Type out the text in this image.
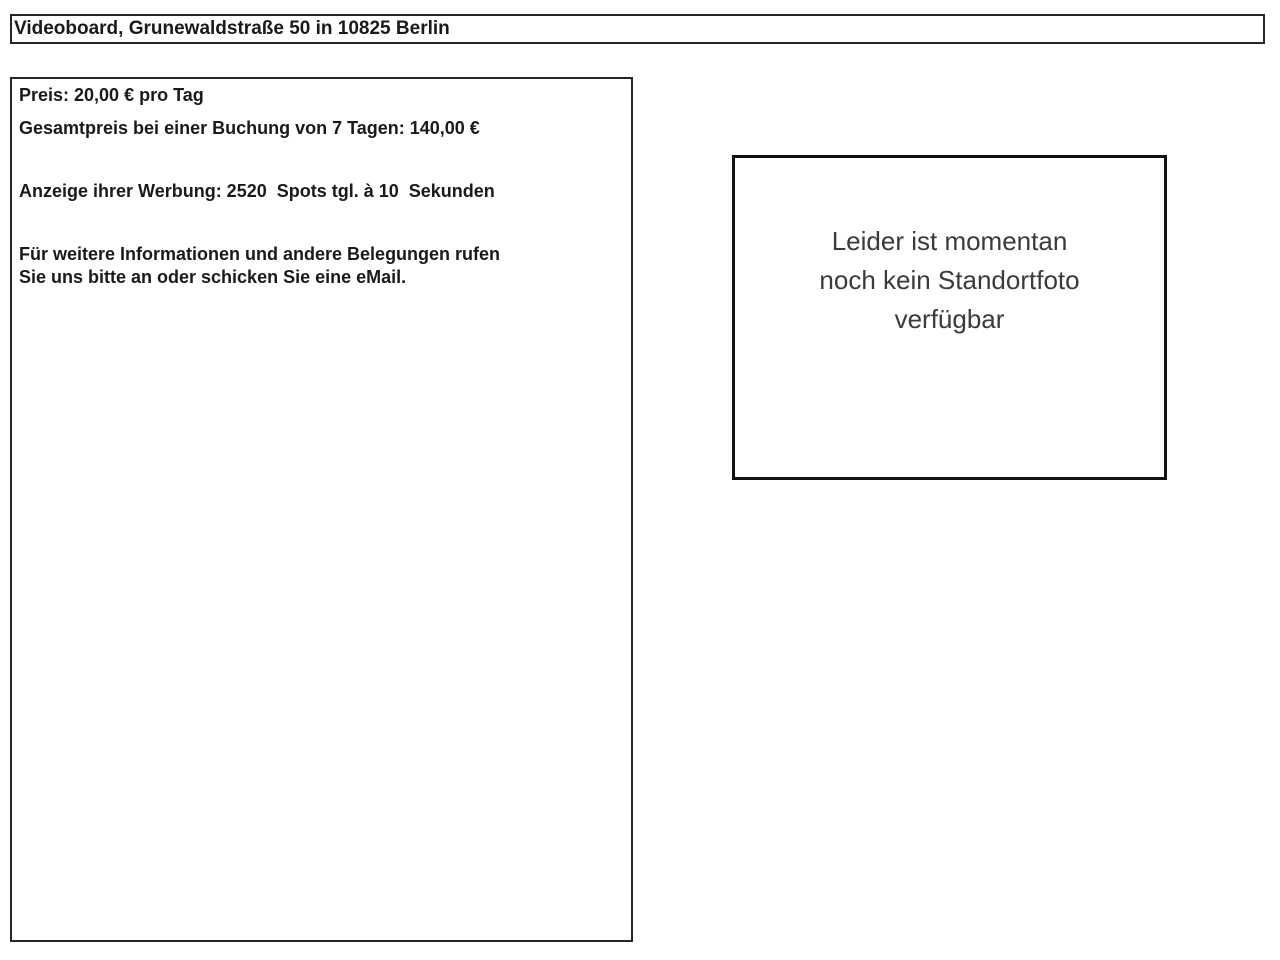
Videoboard, Grunewaldstraße 50 in 10825 Berlin
Preis: 20,00 € pro Tag
Gesamtpreis bei einer Buchung von 7 Tagen: 140,00 €
Anzeige ihrer Werbung: 2520  Spots tgl. à 10  Sekunden
Für weitere Informationen und andere Belegungen rufen
Sie uns bitte an oder schicken Sie eine eMail.
Leider ist momentan
noch kein Standortfoto
verfügbar
